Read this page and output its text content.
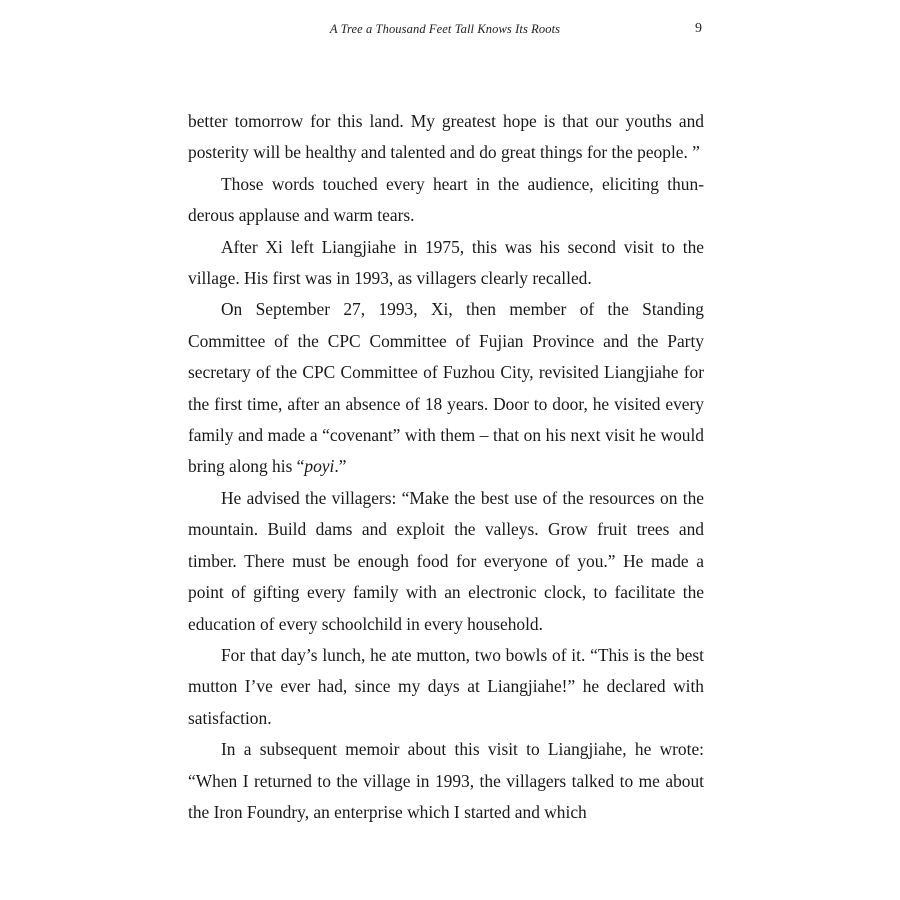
A Tree a Thousand Feet Tall Knows Its Roots	9

better tomorrow for this land. My greatest hope is that our youths and posterity will be healthy and talented and do great things for the people. ”

Those words touched every heart in the audience, eliciting thunderous applause and warm tears.

After Xi left Liangjiahe in 1975, this was his second visit to the village. His first was in 1993, as villagers clearly recalled.

On September 27, 1993, Xi, then member of the Standing Committee of the CPC Committee of Fujian Province and the Party secretary of the CPC Committee of Fuzhou City, revisited Liangjiahe for the first time, after an absence of 18 years. Door to door, he visited every family and made a “covenant” with them – that on his next visit he would bring along his “poyi.”

He advised the villagers: “Make the best use of the resources on the mountain. Build dams and exploit the valleys. Grow fruit trees and timber. There must be enough food for everyone of you.” He made a point of gifting every family with an electronic clock, to facilitate the education of every schoolchild in every household.

For that day’s lunch, he ate mutton, two bowls of it. “This is the best mutton I’ve ever had, since my days at Liangjiahe!” he declared with satisfaction.

In a subsequent memoir about this visit to Liangjiahe, he wrote: “When I returned to the village in 1993, the villagers talked to me about the Iron Foundry, an enterprise which I started and which
